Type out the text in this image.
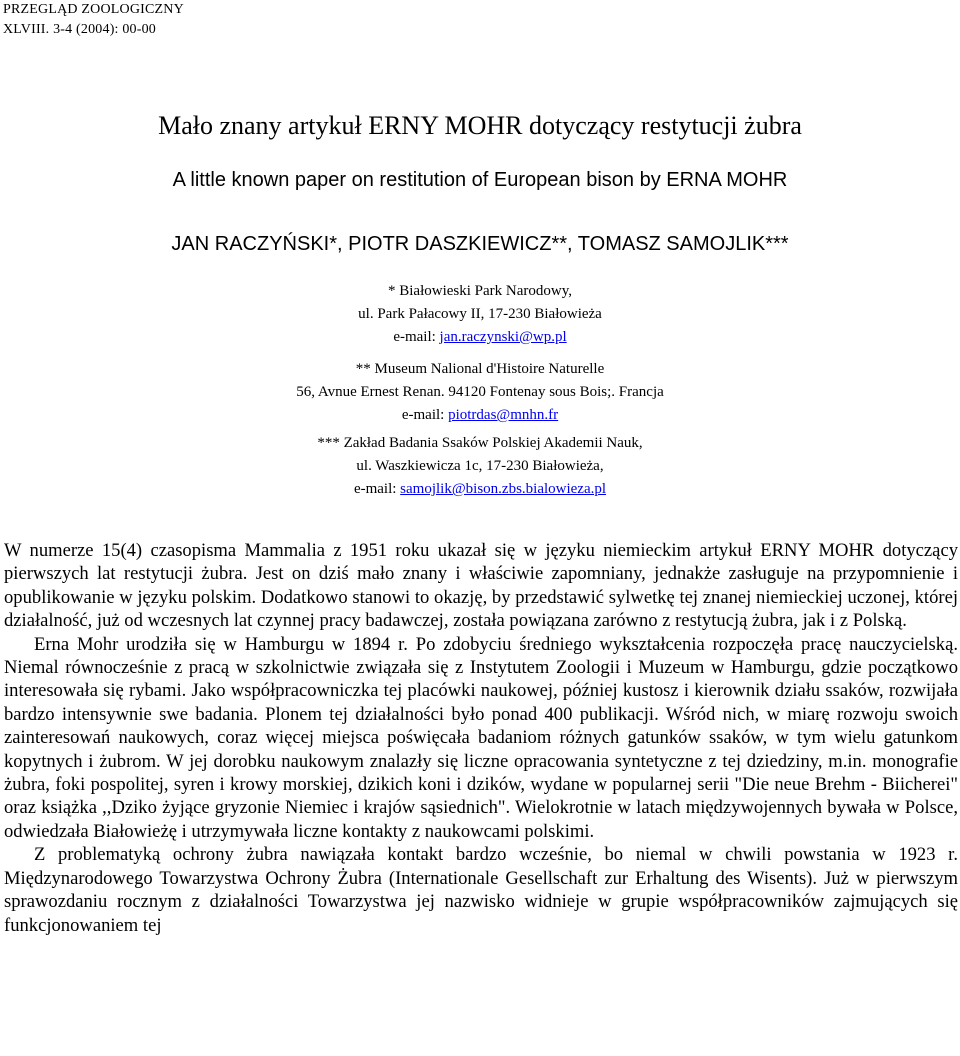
PRZEGLĄD ZOOLOGICZNY
XLVIII. 3-4 (2004): 00-00
Mało znany artykuł ERNY MOHR dotyczący restytucji żubra
A little known paper on restitution of European bison by ERNA MOHR
JAN RACZYŃSKI*, PIOTR DASZKIEWICZ**, TOMASZ SAMOJLIK***
* Białowieski Park Narodowy,
ul. Park Pałacowy II, 17-230 Białowieża
e-mail: jan.raczynski@wp.pl
** Museum Nalional d'Histoire Naturelle
56, Avnue Ernest Renan. 94120 Fontenay sous Bois;. Francja
e-mail: piotrdas@mnhn.fr
*** Zakład Badania Ssaków Polskiej Akademii Nauk,
ul. Waszkiewicza 1c, 17-230 Białowieża,
e-mail: samojlik@bison.zbs.bialowieza.pl

W numerze 15(4) czasopisma Mammalia z 1951 roku ukazał się w języku niemieckim artykuł ERNY MOHR dotyczący pierwszych lat restytucji żubra. Jest on dziś mało znany i właściwie zapomniany, jednakże zasługuje na przypomnienie i opublikowanie w języku polskim. Dodatkowo stanowi to okazję, by przedstawić sylwetkę tej znanej niemieckiej uczonej, której działalność, już od wczesnych lat czynnej pracy badawczej, została powiązana zarówno z restytucją żubra, jak i z Polską.

Erna Mohr urodziła się w Hamburgu w 1894 r. Po zdobyciu średniego wykształcenia rozpoczęła pracę nauczycielską. Niemal równocześnie z pracą w szkolnictwie związała się z Instytutem Zoologii i Muzeum w Hamburgu, gdzie początkowo interesowała się rybami. Jako współpracowniczka tej placówki naukowej, później kustosz i kierownik działu ssaków, rozwijała bardzo intensywnie swe badania. Plonem tej działalności było ponad 400 publikacji. Wśród nich, w miarę rozwoju swoich zainteresowań naukowych, coraz więcej miejsca poświęcała badaniom różnych gatunków ssaków, w tym wielu gatunkom kopytnych i żubrom. W jej dorobku naukowym znalazły się liczne opracowania syntetyczne z tej dziedziny, m.in. monografie żubra, foki pospolitej, syren i krowy morskiej, dzikich koni i dzików, wydane w popularnej serii "Die neue Brehm - Biicherei" oraz książka ,,Dziko żyjące gryzonie Niemiec i krajów sąsiednich". Wielokrotnie w latach międzywojennych bywała w Polsce, odwiedzała Białowieżę i utrzymywała liczne kontakty z naukowcami polskimi.

Z problematyką ochrony żubra nawiązała kontakt bardzo wcześnie, bo niemal w chwili powstania w 1923 r. Międzynarodowego Towarzystwa Ochrony Żubra (Internationale Gesellschaft zur Erhaltung des Wisents). Już w pierwszym sprawozdaniu rocznym z działalności Towarzystwa jej nazwisko widnieje w grupie współpracowników zajmujących się funkcjonowaniem tej
